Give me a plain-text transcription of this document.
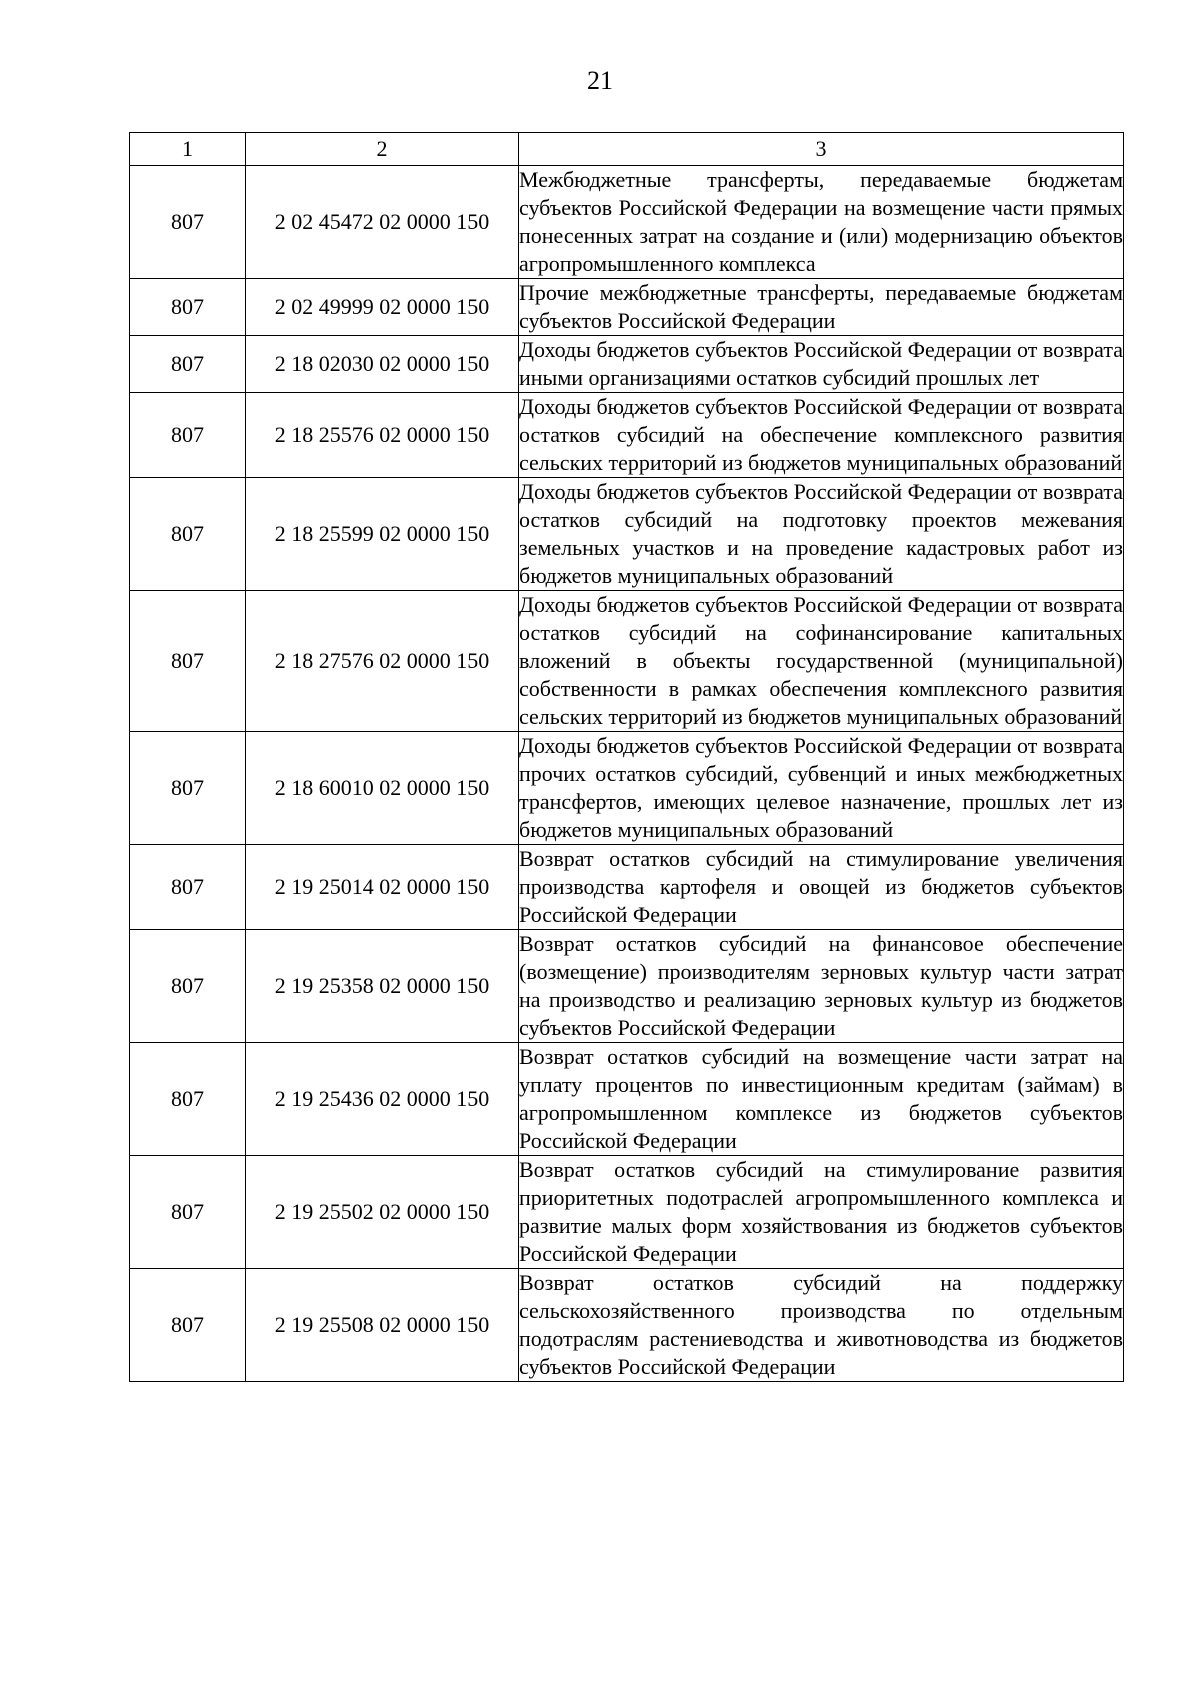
21
1	2	3
807	2 02 45472 02 0000 150	Межбюджетные трансферты, передаваемые бюджетам субъектов Российской Федерации на возмещение части прямых понесенных затрат на создание и (или) модернизацию объектов агропромышленного комплекса
807	2 02 49999 02 0000 150	Прочие межбюджетные трансферты, передаваемые бюджетам субъектов Российской Федерации
807	2 18 02030 02 0000 150	Доходы бюджетов субъектов Российской Федерации от возврата иными организациями остатков субсидий прошлых лет
807	2 18 25576 02 0000 150	Доходы бюджетов субъектов Российской Федерации от возврата остатков субсидий на обеспечение комплексного развития сельских территорий из бюджетов муниципальных образований
807	2 18 25599 02 0000 150	Доходы бюджетов субъектов Российской Федерации от возврата остатков субсидий на подготовку проектов межевания земельных участков и на проведение кадастровых работ из бюджетов муниципальных образований
807	2 18 27576 02 0000 150	Доходы бюджетов субъектов Российской Федерации от возврата остатков субсидий на софинансирование капитальных вложений в объекты государственной (муниципальной) собственности в рамках обеспечения комплексного развития сельских территорий из бюджетов муниципальных образований
807	2 18 60010 02 0000 150	Доходы бюджетов субъектов Российской Федерации от возврата прочих остатков субсидий, субвенций и иных межбюджетных трансфертов, имеющих целевое назначение, прошлых лет из бюджетов муниципальных образований
807	2 19 25014 02 0000 150	Возврат остатков субсидий на стимулирование увеличения производства картофеля и овощей из бюджетов субъектов Российской Федерации
807	2 19 25358 02 0000 150	Возврат остатков субсидий на финансовое обеспечение (возмещение) производителям зерновых культур части затрат на производство и реализацию зерновых культур из бюджетов субъектов Российской Федерации
807	2 19 25436 02 0000 150	Возврат остатков субсидий на возмещение части затрат на уплату процентов по инвестиционным кредитам (займам) в агропромышленном комплексе из бюджетов субъектов Российской Федерации
807	2 19 25502 02 0000 150	Возврат остатков субсидий на стимулирование развития приоритетных подотраслей агропромышленного комплекса и развитие малых форм хозяйствования из бюджетов субъектов Российской Федерации
807	2 19 25508 02 0000 150	Возврат остатков субсидий на поддержку сельскохозяйственного производства по отдельным подотраслям растениеводства и животноводства из бюджетов субъектов Российской Федерации
